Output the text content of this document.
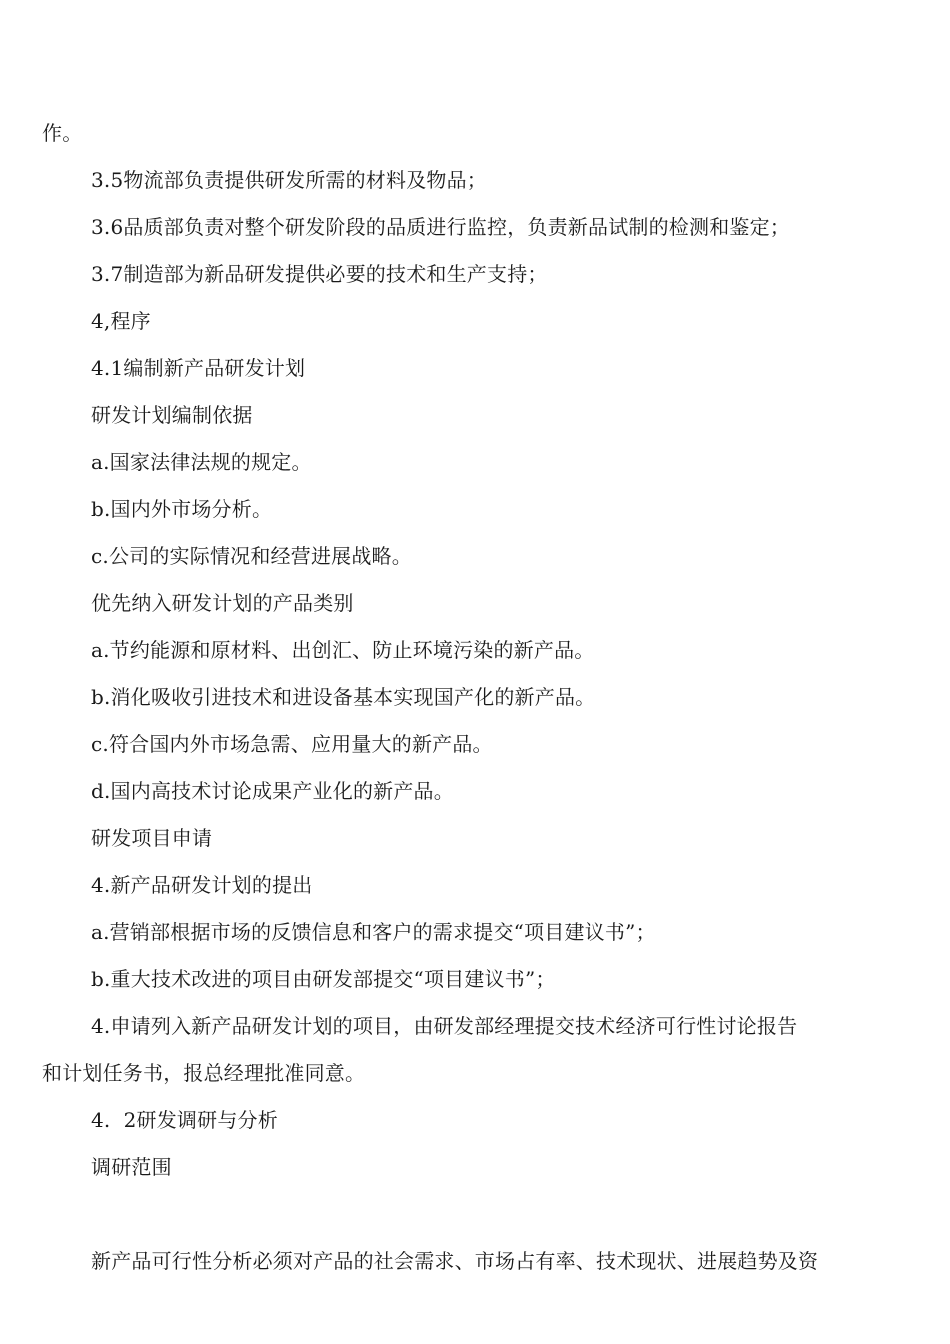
作。
3.5物流部负责提供研发所需的材料及物品；
3.6品质部负责对整个研发阶段的品质进行监控，负责新品试制的检测和鉴定；
3.7制造部为新品研发提供必要的技术和生产支持；
4,程序
4.1编制新产品研发计划
研发计划编制依据
a.国家法律法规的规定。
b.国内外市场分析。
c.公司的实际情况和经营进展战略。
优先纳入研发计划的产品类别
a.节约能源和原材料、出创汇、防止环境污染的新产品。
b.消化吸收引进技术和进设备基本实现国产化的新产品。
c.符合国内外市场急需、应用量大的新产品。
d.国内高技术讨论成果产业化的新产品。
研发项目申请
4.新产品研发计划的提出
a.营销部根据市场的反馈信息和客户的需求提交“项目建议书”；
b.重大技术改进的项目由研发部提交“项目建议书”；
4.申请列入新产品研发计划的项目，由研发部经理提交技术经济可行性讨论报告
和计划任务书，报总经理批准同意。
4.  2研发调研与分析
调研范围
新产品可行性分析必须对产品的社会需求、市场占有率、技术现状、进展趋势及资
